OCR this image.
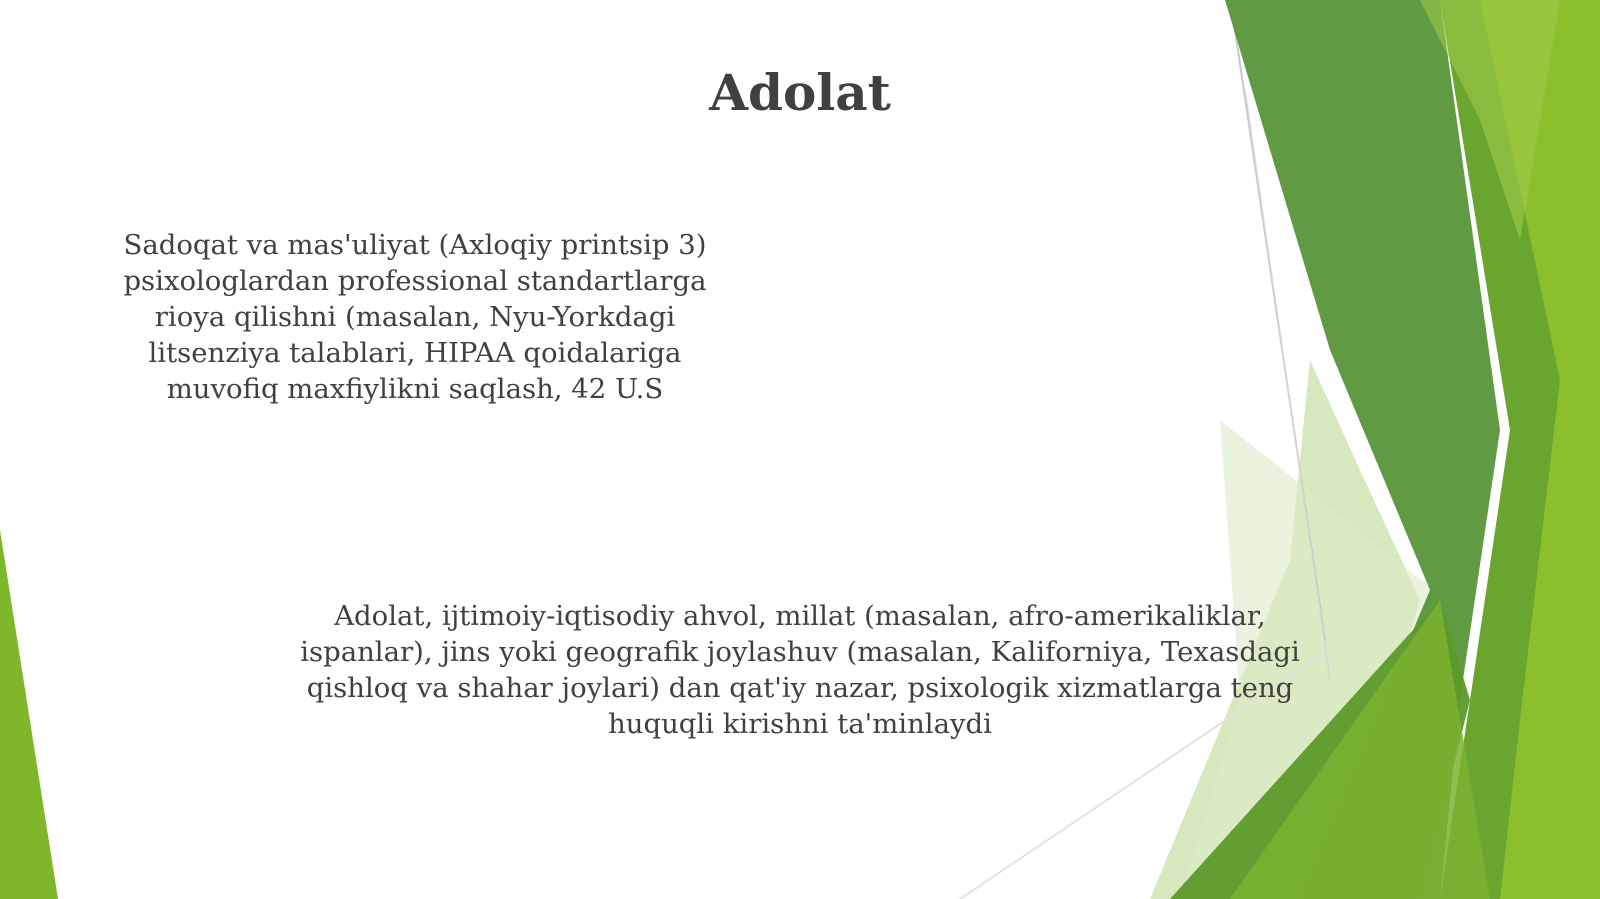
Adolat

Sadoqat va mas'uliyat (Axloqiy printsip 3) psixologlardan professional standartlarga rioya qilishni (masalan, Nyu-Yorkdagi litsenziya talablari, HIPAA qoidalariga muvofiq maxfiylikni saqlash, 42 U.S

Adolat, ijtimoiy-iqtisodiy ahvol, millat (masalan, afro-amerikaliklar, ispanlar), jins yoki geografik joylashuv (masalan, Kaliforniya, Texasdagi qishloq va shahar joylari) dan qat'iy nazar, psixologik xizmatlarga teng huquqli kirishni ta'minlaydi
